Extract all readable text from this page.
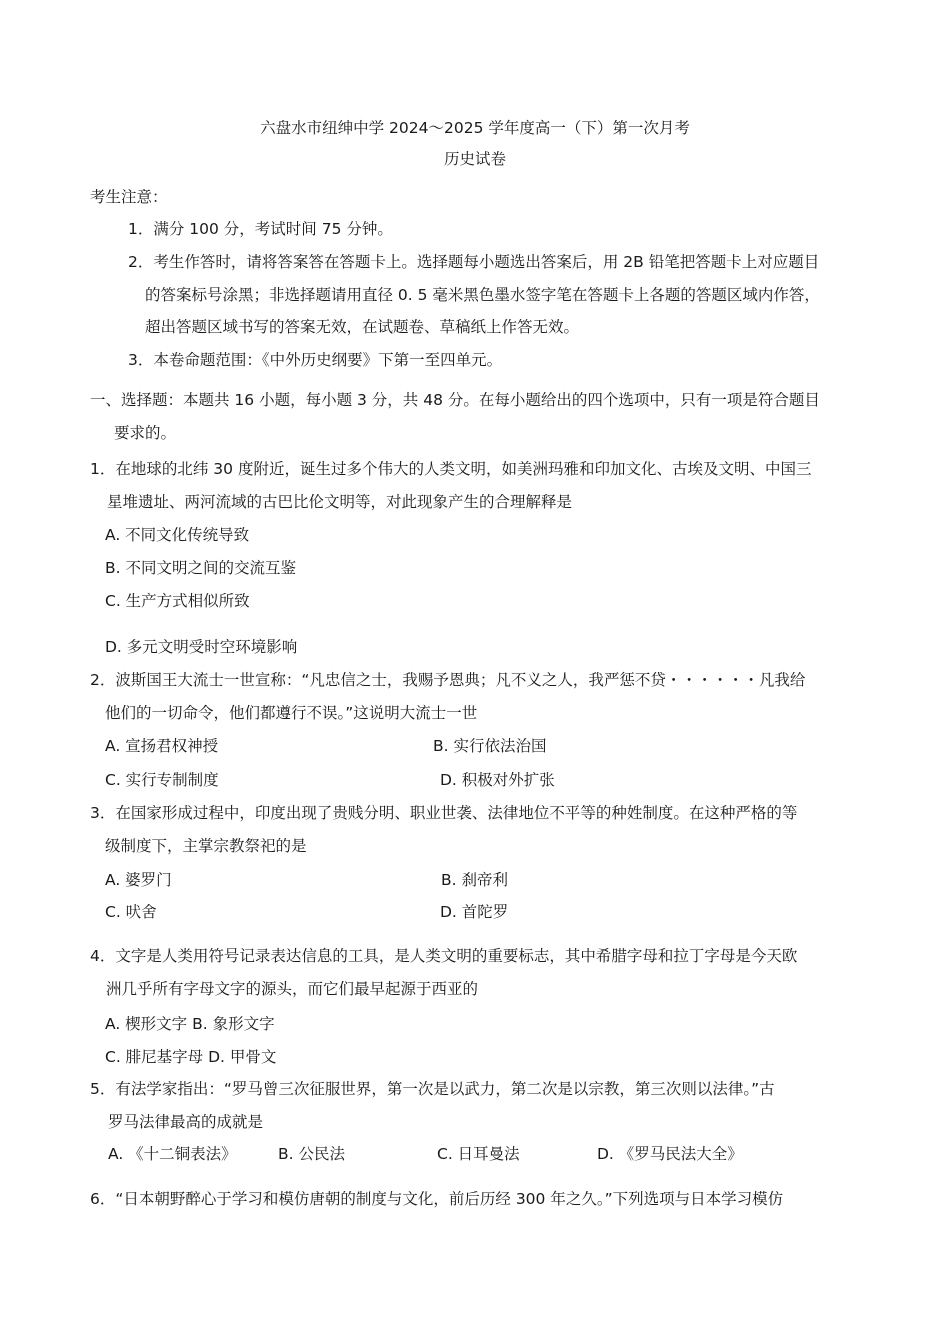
六盘水市纽绅中学 2024～2025 学年度高一（下）第一次月考
历史试卷
考生注意：
1．满分 100 分，考试时间 75 分钟。
2．考生作答时，请将答案答在答题卡上。选择题每小题选出答案后，用 2B 铅笔把答题卡上对应题目
的答案标号涂黑；非选择题请用直径 0. 5 毫米黑色墨水签字笔在答题卡上各题的答题区域内作答，
超出答题区域书写的答案无效，在试题卷、草稿纸上作答无效。
3．本卷命题范围：《中外历史纲要》下第一至四单元。
一、选择题：本题共 16 小题，每小题 3 分，共 48 分。在每小题给出的四个选项中，只有一项是符合题目
要求的。
1．在地球的北纬 30 度附近，诞生过多个伟大的人类文明，如美洲玛雅和印加文化、古埃及文明、中国三
星堆遗址、两河流域的古巴比伦文明等，对此现象产生的合理解释是
A. 不同文化传统导致
B. 不同文明之间的交流互鉴
C. 生产方式相似所致
D. 多元文明受时空环境影响
2．波斯国王大流士一世宣称：“凡忠信之士，我赐予恩典；凡不义之人，我严惩不贷・・・・・・凡我给
他们的一切命令，他们都遵行不误。”这说明大流士一世
A. 宣扬君权神授	B. 实行依法治国
C. 实行专制制度	D. 积极对外扩张
3．在国家形成过程中，印度出现了贵贱分明、职业世袭、法律地位不平等的种姓制度。在这种严格的等
级制度下，主掌宗教祭祀的是
A. 婆罗门	B. 刹帝利
C. 吠舍	D. 首陀罗
4．文字是人类用符号记录表达信息的工具，是人类文明的重要标志，其中希腊字母和拉丁字母是今天欧
洲几乎所有字母文字的源头，而它们最早起源于西亚的
A. 楔形文字 B. 象形文字
C. 腓尼基字母 D. 甲骨文
5．有法学家指出：“罗马曾三次征服世界，第一次是以武力，第二次是以宗教，第三次则以法律。”古
罗马法律最高的成就是
A. 《十二铜表法》	B. 公民法	C. 日耳曼法	D. 《罗马民法大全》
6．“日本朝野醉心于学习和模仿唐朝的制度与文化，前后历经 300 年之久。”下列选项与日本学习模仿
